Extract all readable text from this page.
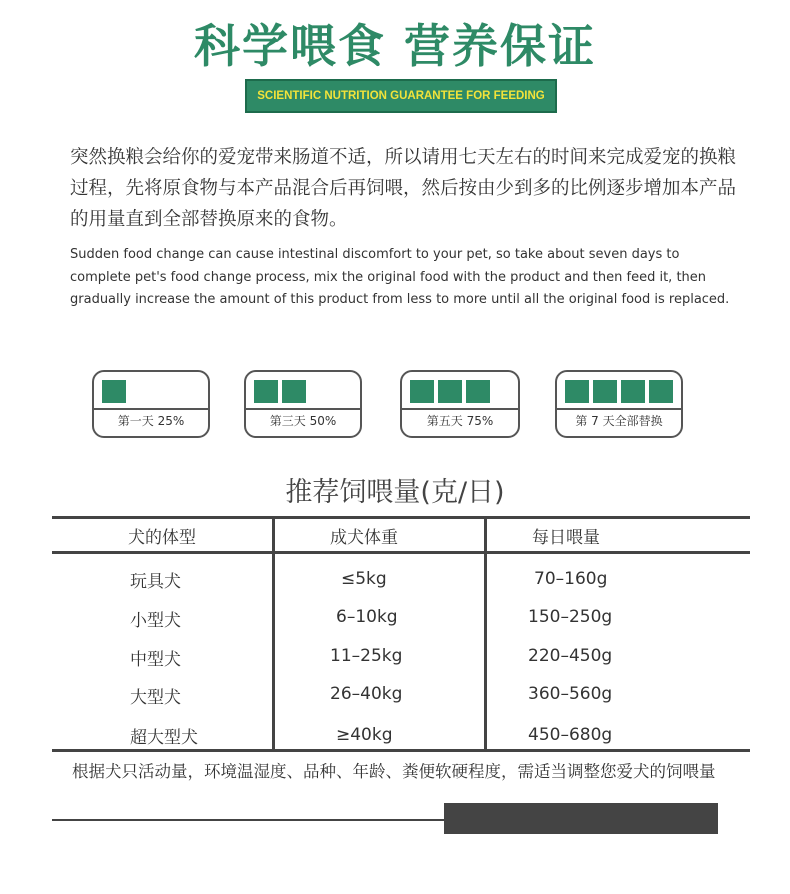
科学喂食 营养保证
SCIENTIFIC NUTRITION GUARANTEE FOR FEEDING
突然换粮会给你的爱宠带来肠道不适，所以请用七天左右的时间来完成爱宠的换粮过程，先将原食物与本产品混合后再饲喂，然后按由少到多的比例逐步增加本产品的用量直到全部替换原来的食物。
Sudden food change can cause intestinal discomfort to your pet, so take about seven days to complete pet's food change process, mix the original food with the product and then feed it, then gradually increase the amount of this product from less to more until all the original food is replaced.
第一天 25%	第三天 50%	第五天 75%	第 7 天全部替换
推荐饲喂量(克/日)
犬的体型	成犬体重	每日喂量
玩具犬	≤5kg	70–160g
小型犬	6–10kg	150–250g
中型犬	11–25kg	220–450g
大型犬	26–40kg	360–560g
超大型犬	≥40kg	450–680g
根据犬只活动量，环境温湿度、品种、年龄、粪便软硬程度，需适当调整您爱犬的饲喂量
